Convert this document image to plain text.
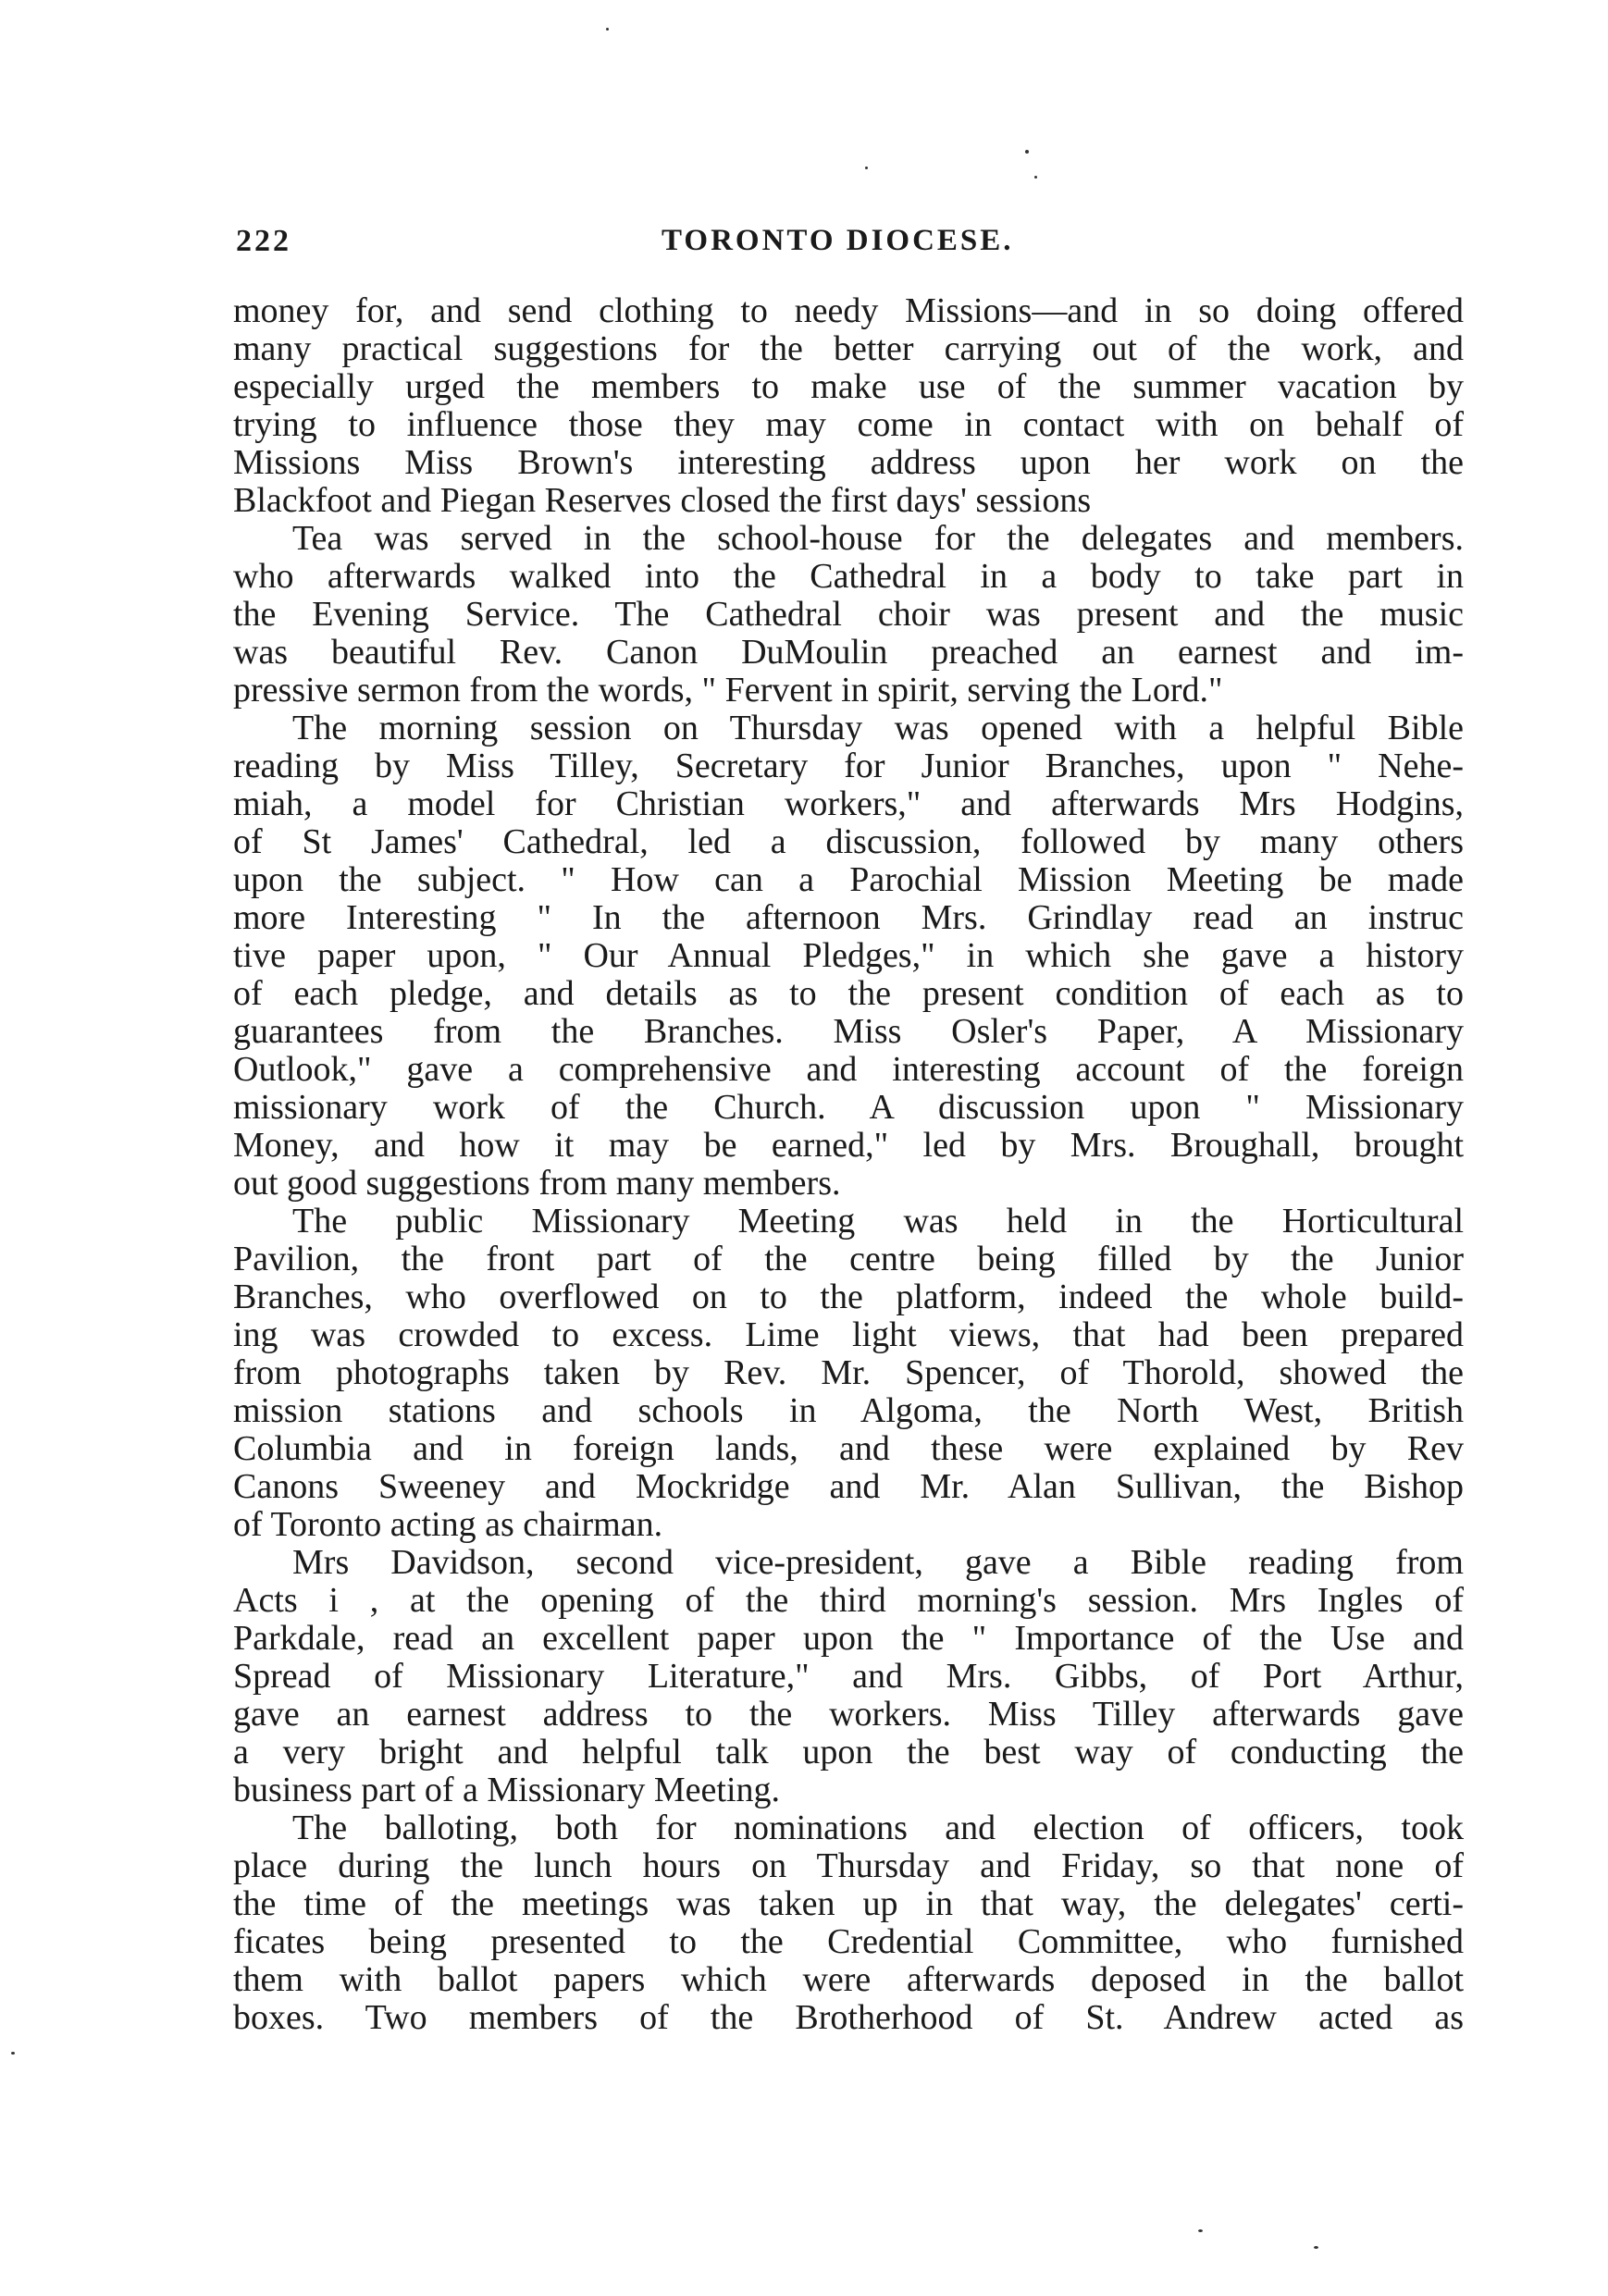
222	TORONTO DIOCESE.
money for, and send clothing to needy Missions—and in so doing offered
many practical suggestions for the better carrying out of the work, and
especially urged the members to make use of the summer vacation by
trying to influence those they may come in contact with on behalf of
Missions Miss Brown's interesting address upon her work on the
Blackfoot and Piegan Reserves closed the first days' sessions
Tea was served in the school-house for the delegates and members.
who afterwards walked into the Cathedral in a body to take part in
the Evening Service. The Cathedral choir was present and the music
was beautiful Rev. Canon DuMoulin preached an earnest and im-
pressive sermon from the words, " Fervent in spirit, serving the Lord."
The morning session on Thursday was opened with a helpful Bible
reading by Miss Tilley, Secretary for Junior Branches, upon " Nehe-
miah, a model for Christian workers," and afterwards Mrs Hodgins,
of St James' Cathedral, led a discussion, followed by many others
upon the subject. " How can a Parochial Mission Meeting be made
more Interesting " In the afternoon Mrs. Grindlay read an instruc
tive paper upon, " Our Annual Pledges," in which she gave a history
of each pledge, and details as to the present condition of each as to
guarantees from the Branches. Miss Osler's Paper, A Missionary
Outlook," gave a comprehensive and interesting account of the foreign
missionary work of the Church. A discussion upon " Missionary
Money, and how it may be earned," led by Mrs. Broughall, brought
out good suggestions from many members.
The public Missionary Meeting was held in the Horticultural
Pavilion, the front part of the centre being filled by the Junior
Branches, who overflowed on to the platform, indeed the whole build-
ing was crowded to excess. Lime light views, that had been prepared
from photographs taken by Rev. Mr. Spencer, of Thorold, showed the
mission stations and schools in Algoma, the North West, British
Columbia and in foreign lands, and these were explained by Rev
Canons Sweeney and Mockridge and Mr. Alan Sullivan, the Bishop
of Toronto acting as chairman.
Mrs Davidson, second vice-president, gave a Bible reading from
Acts i , at the opening of the third morning's session. Mrs Ingles of
Parkdale, read an excellent paper upon the " Importance of the Use and
Spread of Missionary Literature," and Mrs. Gibbs, of Port Arthur,
gave an earnest address to the workers. Miss Tilley afterwards gave
a very bright and helpful talk upon the best way of conducting the
business part of a Missionary Meeting.
The balloting, both for nominations and election of officers, took
place during the lunch hours on Thursday and Friday, so that none of
the time of the meetings was taken up in that way, the delegates' certi-
ficates being presented to the Credential Committee, who furnished
them with ballot papers which were afterwards deposed in the ballot
boxes. Two members of the Brotherhood of St. Andrew acted as
